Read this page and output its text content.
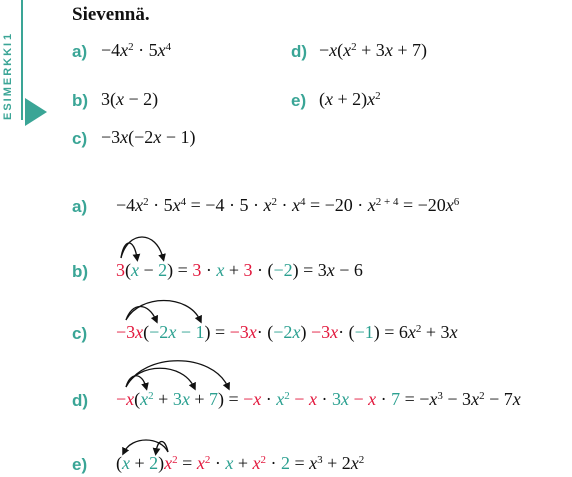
ESIMERKKI
1
Sievennä.
$a) -4x^2 \cdot 5x^4$
b) 3(x − 2)
c) −3x(−2x − 1)
$d) -x(x^2 + 3x + 7)$
e) $(x + 2)x^2$
$a) -4x^2 \cdot 5x^4 = -4 \cdot 5 \cdot x^2 \cdot x^4 = -20 \cdot x^{2 + 4} = -20x^6$
b) 3(x − 2) = 3 · x + 3 · (−2) = 3x − 6
$c) -3x(-2x - 1) = -3x\cdot (-2x) -3x\cdot (-1) = 6x^2 + 3x$
$d) -x(x^2 + 3x + 7) = -x \cdot x^2 - x \cdot 3x - x \cdot 7 = -x^3 - 3x^2 - 7x$
e) $(x + 2)x^2 = x^2 \cdot x + x^2 \cdot 2 = x^3 + 2x^2$
